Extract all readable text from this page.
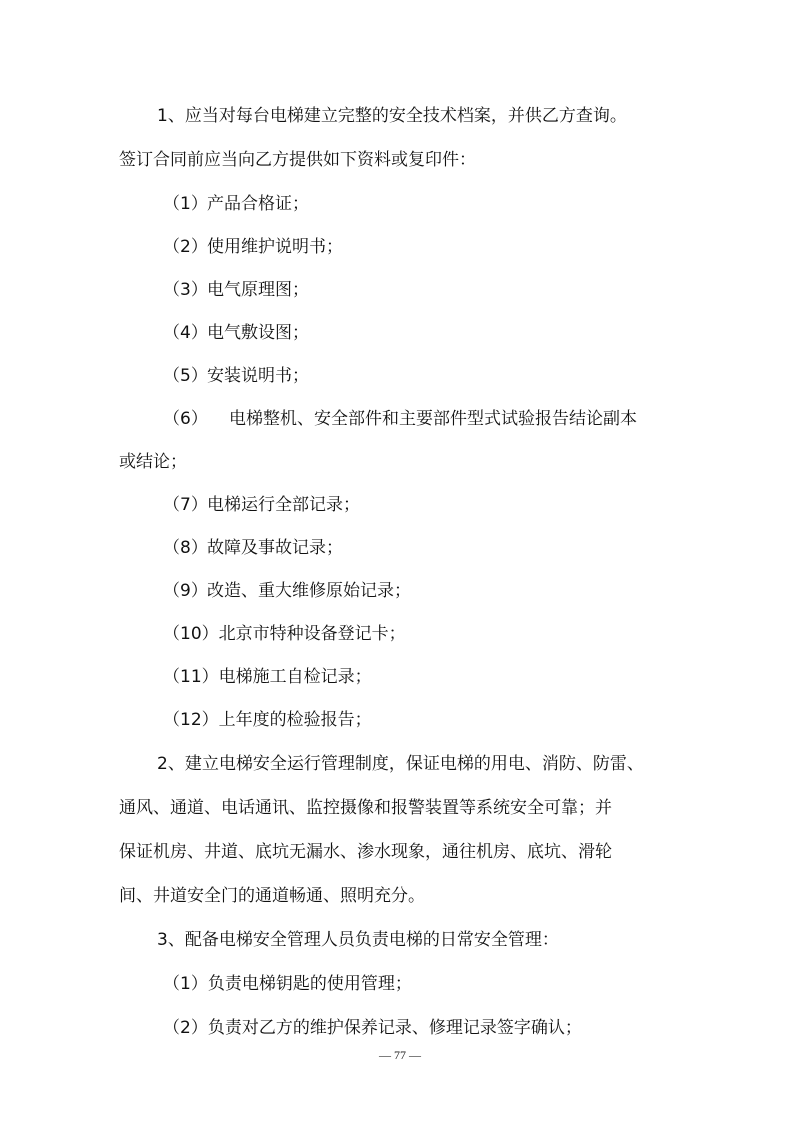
1、应当对每台电梯建立完整的安全技术档案，并供乙方查询。
签订合同前应当向乙方提供如下资料或复印件：
（1）产品合格证；
（2）使用维护说明书；
（3）电气原理图；
（4）电气敷设图；
（5）安装说明书；
（6） 电梯整机、安全部件和主要部件型式试验报告结论副本
或结论；
（7）电梯运行全部记录；
（8）故障及事故记录；
（9）改造、重大维修原始记录；
（10）北京市特种设备登记卡；
（11）电梯施工自检记录；
（12）上年度的检验报告；
2、建立电梯安全运行管理制度，保证电梯的用电、消防、防雷、
通风、通道、电话通讯、监控摄像和报警装置等系统安全可靠；并
保证机房、井道、底坑无漏水、渗水现象，通往机房、底坑、滑轮
间、井道安全门的通道畅通、照明充分。
3、配备电梯安全管理人员负责电梯的日常安全管理：
（1）负责电梯钥匙的使用管理；
（2）负责对乙方的维护保养记录、修理记录签字确认；
— 77 —
